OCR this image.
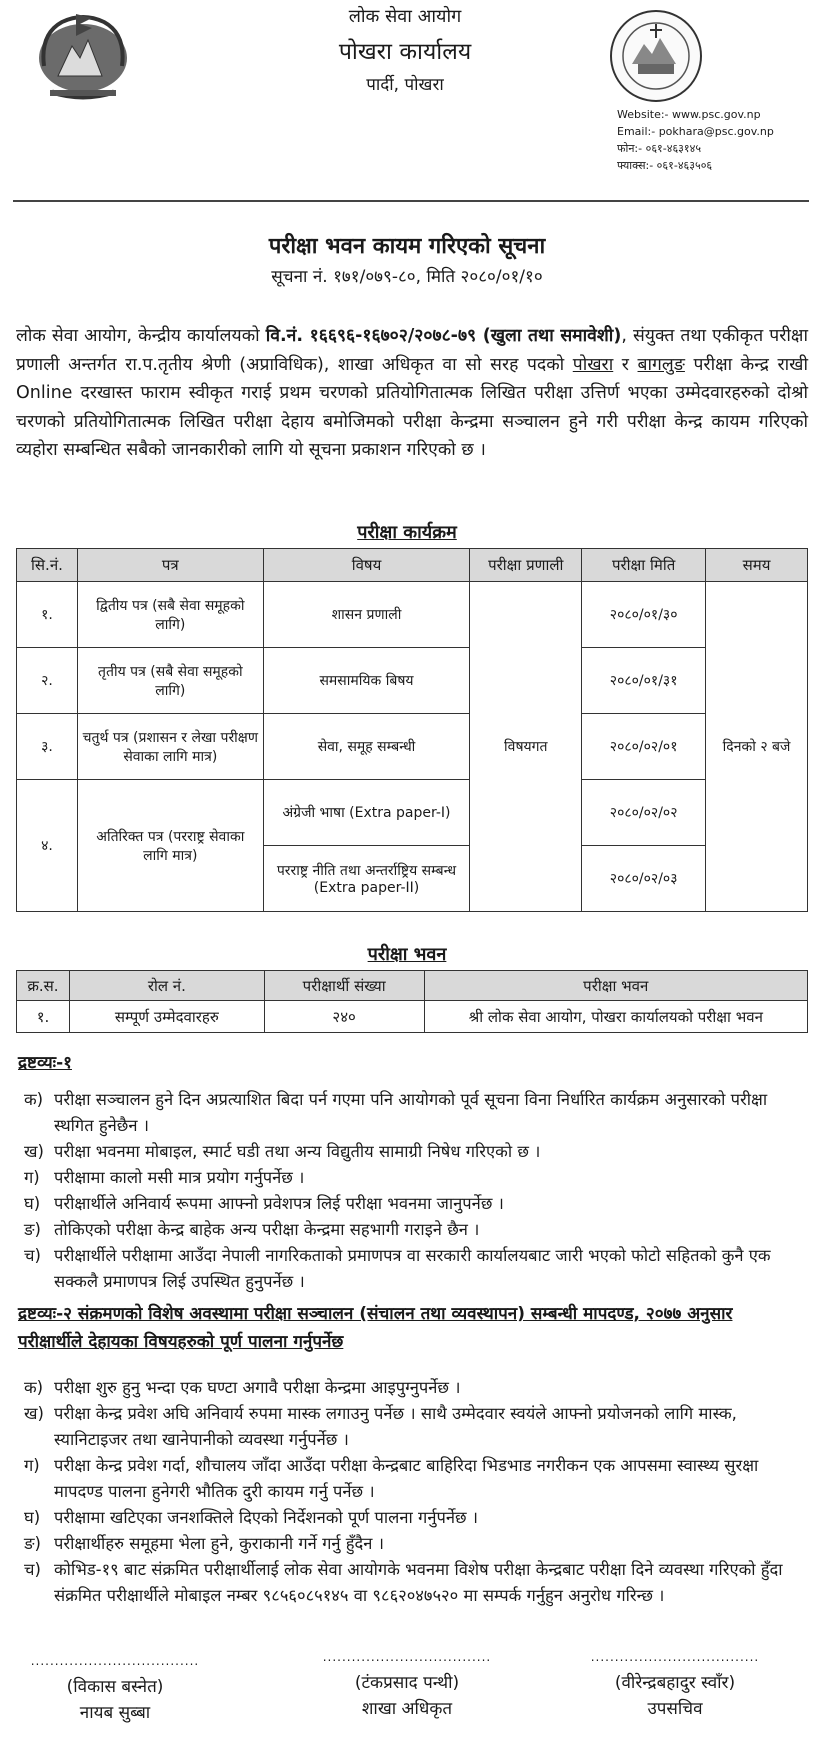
लोक सेवा आयोग
पोखरा कार्यालय
पार्दी, पोखरा
Website:- www.psc.gov.np
Email:- pokhara@psc.gov.np
फोन:- ०६१-४६३१४५
फ्याक्स:- ०६१-४६३५०६
परीक्षा भवन कायम गरिएको सूचना
सूचना नं. १७१/०७९-८०, मिति २०८०/०१/१०
लोक सेवा आयोग, केन्द्रीय कार्यालयको वि.नं. १६६९६-१६७०२/२०७८-७९ (खुला तथा समावेशी), संयुक्त तथा एकीकृत परीक्षा प्रणाली अन्तर्गत रा.प.तृतीय श्रेणी (अप्राविधिक), शाखा अधिकृत वा सो सरह पदको पोखरा र बागलुङ परीक्षा केन्द्र राखी Online दरखास्त फाराम स्वीकृत गराई प्रथम चरणको प्रतियोगितात्मक लिखित परीक्षा उत्तिर्ण भएका उम्मेदवारहरुको दोश्रो चरणको प्रतियोगितात्मक लिखित परीक्षा देहाय बमोजिमको परीक्षा केन्द्रमा सञ्चालन हुने गरी परीक्षा केन्द्र कायम गरिएको व्यहोरा सम्बन्धित सबैको जानकारीको लागि यो सूचना प्रकाशन गरिएको छ ।
परीक्षा कार्यक्रम
सि.नं.	पत्र	विषय	परीक्षा प्रणाली	परीक्षा मिति	समय
१.	द्वितीय पत्र (सबै सेवा समूहको लागि)	शासन प्रणाली	विषयगत	२०८०/०१/३०	दिनको २ बजे
२.	तृतीय पत्र (सबै सेवा समूहको लागि)	समसामयिक बिषय		२०८०/०१/३१	
३.	चतुर्थ पत्र (प्रशासन र लेखा परीक्षण सेवाका लागि मात्र)	सेवा, समूह सम्बन्धी		२०८०/०२/०१	
४.	अतिरिक्त पत्र (परराष्ट्र सेवाका लागि मात्र)	अंग्रेजी भाषा (Extra paper-I)		२०८०/०२/०२	
		परराष्ट्र नीति तथा अन्तर्राष्ट्रिय सम्बन्ध (Extra paper-II)		२०८०/०२/०३	
परीक्षा भवन
क्र.स.	रोल नं.	परीक्षार्थी संख्या	परीक्षा भवन
१.	सम्पूर्ण उम्मेदवारहरु	२४०	श्री लोक सेवा आयोग, पोखरा कार्यालयको परीक्षा भवन
द्रष्टव्यः-१
क) परीक्षा सञ्चालन हुने दिन अप्रत्याशित बिदा पर्न गएमा पनि आयोगको पूर्व सूचना विना निर्धारित कार्यक्रम अनुसारको परीक्षा स्थगित हुनेछैन ।
ख) परीक्षा भवनमा मोबाइल, स्मार्ट घडी तथा अन्य विद्युतीय सामाग्री निषेध गरिएको छ ।
ग) परीक्षामा कालो मसी मात्र प्रयोग गर्नुपर्नेछ ।
घ) परीक्षार्थीले अनिवार्य रूपमा आफ्नो प्रवेशपत्र लिई परीक्षा भवनमा जानुपर्नेछ ।
ङ) तोकिएको परीक्षा केन्द्र बाहेक अन्य परीक्षा केन्द्रमा सहभागी गराइने छैन ।
च) परीक्षार्थीले परीक्षामा आउँदा नेपाली नागरिकताको प्रमाणपत्र वा सरकारी कार्यालयबाट जारी भएको फोटो सहितको कुनै एक सक्कलै प्रमाणपत्र लिई उपस्थित हुनुपर्नेछ ।
द्रष्टव्यः-२ संक्रमणको विशेष अवस्थामा परीक्षा सञ्चालन (संचालन तथा व्यवस्थापन) सम्बन्धी मापदण्ड, २०७७ अनुसार परीक्षार्थीले देहायका विषयहरुको पूर्ण पालना गर्नुपर्नेछ
क) परीक्षा शुरु हुनु भन्दा एक घण्टा अगावै परीक्षा केन्द्रमा आइपुग्नुपर्नेछ ।
ख) परीक्षा केन्द्र प्रवेश अघि अनिवार्य रुपमा मास्क लगाउनु पर्नेछ । साथै उम्मेदवार स्वयंले आफ्नो प्रयोजनको लागि मास्क, स्यानिटाइजर तथा खानेपानीको व्यवस्था गर्नुपर्नेछ ।
ग) परीक्षा केन्द्र प्रवेश गर्दा, शौचालय जाँदा आउँदा परीक्षा केन्द्रबाट बाहिरिदा भिडभाड नगरीकन एक आपसमा स्वास्थ्य सुरक्षा मापदण्ड पालना हुनेगरी भौतिक दुरी कायम गर्नु पर्नेछ ।
घ) परीक्षामा खटिएका जनशक्तिले दिएको निर्देशनको पूर्ण पालना गर्नुपर्नेछ ।
ङ) परीक्षार्थीहरु समूहमा भेला हुने, कुराकानी गर्ने गर्नु हुँदैन ।
च) कोभिड-१९ बाट संक्रमित परीक्षार्थीलाई लोक सेवा आयोगके भवनमा विशेष परीक्षा केन्द्रबाट परीक्षा दिने व्यवस्था गरिएको हुँदा संक्रमित परीक्षार्थीले मोबाइल नम्बर ९८५६०८५१४५ वा ९८६२०४७५२० मा सम्पर्क गर्नुहुन अनुरोध गरिन्छ ।
...................................
(विकास बस्नेत)
नायब सुब्बा
...................................
(टंकप्रसाद पन्थी)
शाखा अधिकृत
...................................
(वीरेन्द्रबहादुर स्वाँर)
उपसचिव
